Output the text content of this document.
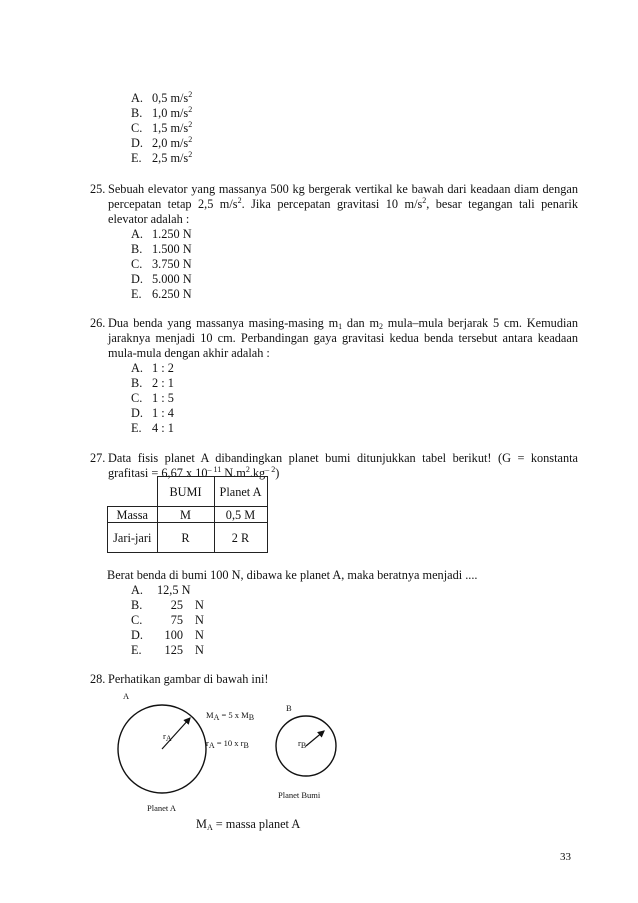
A. 0,5 $m/s^2$
B. 1,0 $m/s^2$
C. 1,5 $m/s^2$
D. 2,0 $m/s^2$
E. 2,5 $m/s^2$
25. Sebuah elevator yang massanya 500 kg bergerak vertikal ke bawah dari keadaan diam dengan percepatan tetap 2,5 $m/s^2$. Jika percepatan gravitasi 10 $m/s^2$, besar tegangan tali penarik elevator adalah :
A. 1.250 N
B. 1.500 N
C. 3.750 N
D. 5.000 N
E. 6.250 N
26. Dua benda yang massanya masing-masing $m_1$ dan $m_2$ mula–mula berjarak 5 cm. Kemudian jaraknya menjadi 10 cm. Perbandingan gaya gravitasi kedua benda tersebut antara keadaan mula-mula dengan akhir adalah :
A. 1 : 2
B. 2 : 1
C. 1 : 5
D. 1 : 4
E. 4 : 1
27. Data fisis planet A dibandingkan planet bumi ditunjukkan tabel berikut! (G = konstanta grafitasi = 6,67 x $10^{- 11}$ $N.m^2.kg^{- 2}$)
	BUMI	Planet A
Massa	M	0,5 M
Jari-jari	R	2 R
Berat benda di bumi 100 N, dibawa ke planet A, maka beratnya menjadi ....
A. 12,5 N
B. 25 N
C. 75 N
D. 100 N
E. 125 N
28. Perhatikan gambar di bawah ini!
A
B
$M_A = 5$ x $M_B$
$r_A = 10$ x $r_B$
$r_A$	$r_B$
Planet A
Planet Bumi
$M_A$ = massa planet A
33
